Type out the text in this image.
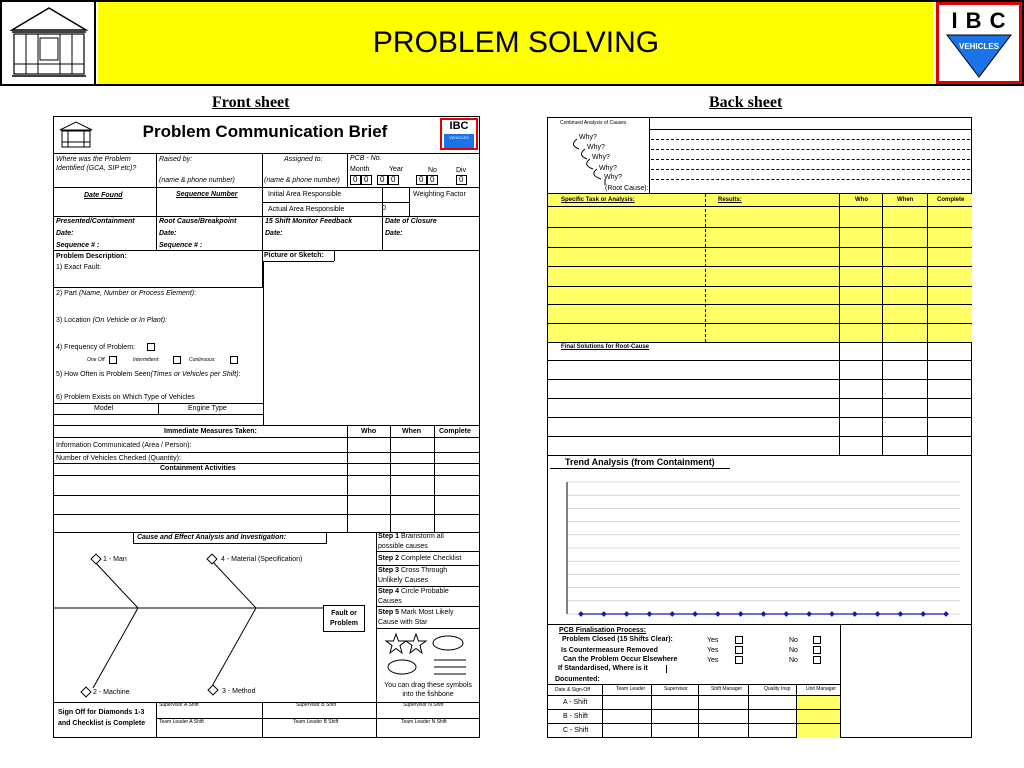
PROBLEM SOLVING
I B C
VEHICLES
Front sheet	Back sheet
Problem Communication Brief	IBC
VEHICLES
Where was the Problem
Identified (GCA, SIP etc)?
Raised by:
(name & phone number)
Assigned to:
(name & phone number)
PCB - No.
Month	Year	No	Div
0 0 0 0	0 0	0
Date Found	Sequence Number	Initial Area Responsible	Weighting Factor
Actual Area Responsible	0
Presented/Containment
Date:
Sequence # :
Root Cause/Breakpoint
Date:
Sequence # :
15 Shift Monitor Feedback
Date:
Date of Closure
Date:
Problem Description:
1) Exact Fault:
Picture or Sketch:
2) Part (Name, Number or Process Element):
3) Location (On Vehicle or In Plant):
4) Frequency of Problem:
One Off	Intermittent:	Continuous:
5) How Often is Problem Seen(Times or Vehicles per Shift):
6) Problem Exists on Which Type of Vehicles
Model	Engine Type
Immediate Measures Taken:	Who	When	Complete
Information Communicated (Area / Person):
Number of Vehicles Checked (Quantity):
Containment Activities
Cause and Effect Analysis and Investigation:
1 - Man	4 - Material (Specification)
2 - Machine	3 - Method
Fault or
Problem
Step 1 Brainstorm all
possible causes
Step 2 Complete Checklist
Step 3 Cross Through
Unlikely Causes
Step 4 Circle Probable
Causes
Step 5 Mark Most Likely
Cause with Star
You can drag these symbols
into the fishbone
Sign Off for Diamonds 1-3
and Checklist is Complete
Supervisor A Shift	Supervisor B Shift	Supervisor N Shift
Team Leader A Shift	Team Leader B Shift	Team Leader N Shift
Continued Analysis of Causes
Why?
Why?
Why?
Why?
Why?
(Root Cause):
Specific Task or Analysis:	Results:	Who	When	Complete
Final Solutions for Root-Cause
Trend Analysis (from Containment)
PCB Finalisation Process:
Problem Closed (15 Shifts Clear):
Is Countermeasure Removed
Can the Problem Occur Elsewhere
If Standardised, Where is it
Documented:
Yes	No
Yes	No
Yes	No
Date & Sign-Off	Team Leader	Supervisor	Shift Manager	Quality Insp	Unit Manager
A - Shift
B - Shift
C - Shift
